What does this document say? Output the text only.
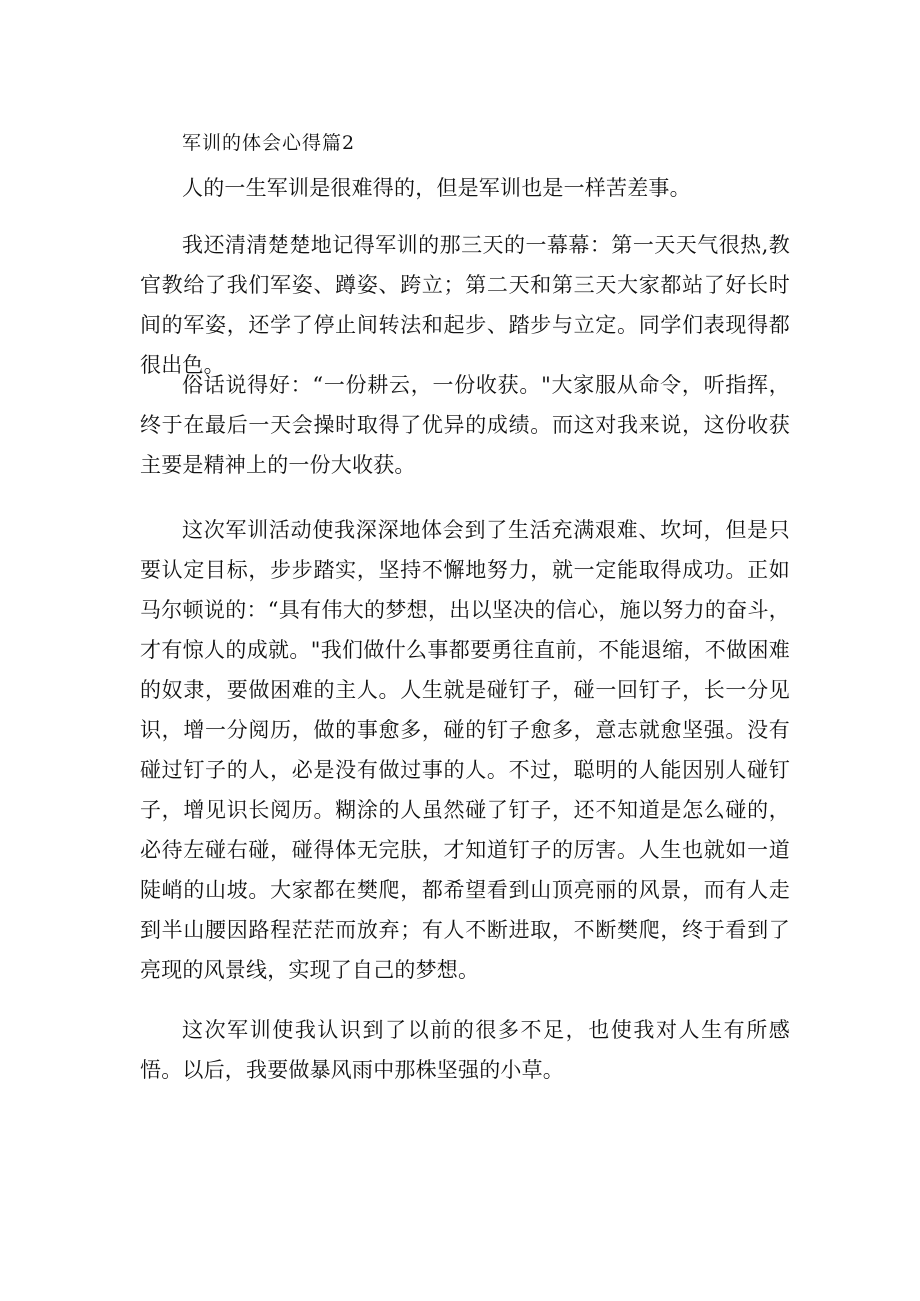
军训的体会心得篇2

人的一生军训是很难得的，但是军训也是一样苦差事。

我还清清楚楚地记得军训的那三天的一幕幕：第一天天气很热,教官教给了我们军姿、蹲姿、跨立；第二天和第三天大家都站了好长时间的军姿，还学了停止间转法和起步、踏步与立定。同学们表现得都很出色。

俗话说得好：“一份耕云，一份收获。"大家服从命令，听指挥，终于在最后一天会操时取得了优异的成绩。而这对我来说，这份收获主要是精神上的一份大收获。

这次军训活动使我深深地体会到了生活充满艰难、坎坷，但是只要认定目标，步步踏实，坚持不懈地努力，就一定能取得成功。正如马尔顿说的：“具有伟大的梦想，出以坚决的信心，施以努力的奋斗，才有惊人的成就。"我们做什么事都要勇往直前，不能退缩，不做困难的奴隶，要做困难的主人。人生就是碰钉子，碰一回钉子，长一分见识，增一分阅历，做的事愈多，碰的钉子愈多，意志就愈坚强。没有碰过钉子的人，必是没有做过事的人。不过，聪明的人能因别人碰钉子，增见识长阅历。糊涂的人虽然碰了钉子，还不知道是怎么碰的，必待左碰右碰，碰得体无完肤，才知道钉子的厉害。人生也就如一道陡峭的山坡。大家都在樊爬，都希望看到山顶亮丽的风景，而有人走到半山腰因路程茫茫而放弃；有人不断进取，不断樊爬，终于看到了亮现的风景线，实现了自己的梦想。

这次军训使我认识到了以前的很多不足，也使我对人生有所感悟。以后，我要做暴风雨中那株坚强的小草。
